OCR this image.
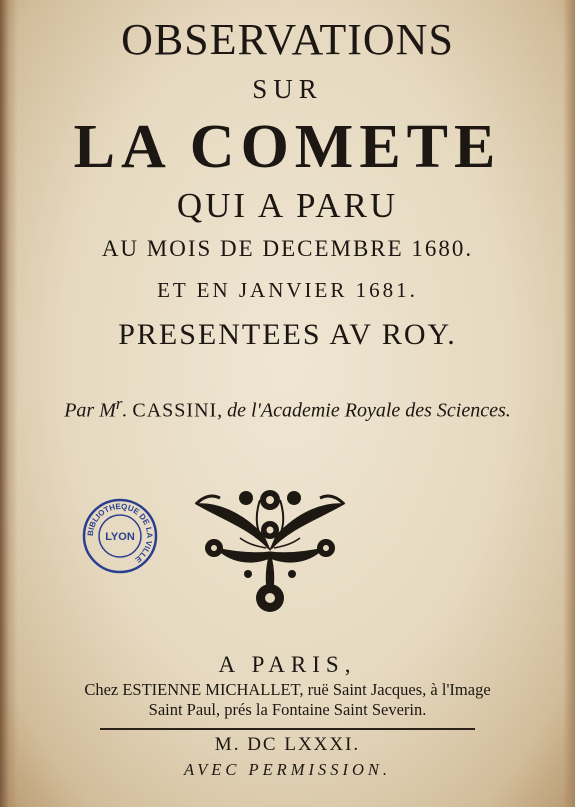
OBSERVATIONS
SUR
LA COMETE
QUI A PARU
AU MOIS DE DECEMBRE 1680.
ET EN JANVIER 1681.
PRESENTEES AV ROY.
Par $M^r$. CASSINI, de l'Academie Royale des Sciences.
BIBLIOTHEQUE DE LA VILLE
LYON
A PARIS,
Chez ESTIENNE MICHALLET, ruë Saint Jacques, à l'Image
Saint Paul, prés la Fontaine Saint Severin.
M. DC LXXXI.
AVEC PERMISSION.
